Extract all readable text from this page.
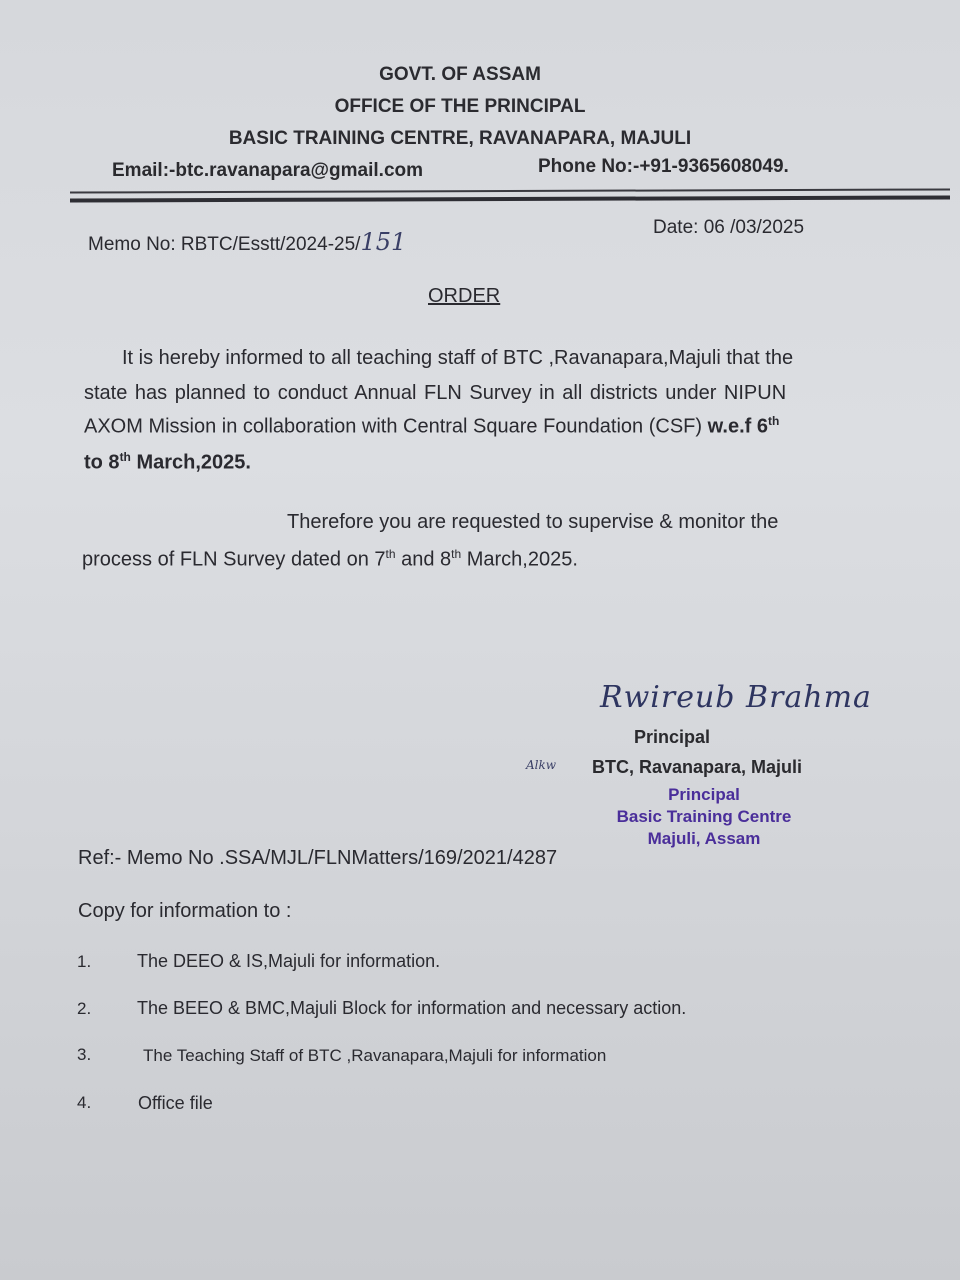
GOVT. OF ASSAM
OFFICE OF THE PRINCIPAL
BASIC TRAINING CENTRE, RAVANAPARA, MAJULI
Email:-btc.ravanapara@gmail.com	Phone No:-+91-9365608049.
Memo No: RBTC/Esstt/2024-25/151
Date: 06 /03/2025
ORDER
It is hereby informed to all teaching staff of BTC ,Ravanapara,Majuli that the
state has planned to conduct Annual FLN Survey in all districts under NIPUN
AXOM Mission in collaboration with Central Square Foundation (CSF) w.e.f 6th
to 8th March,2025.
Therefore you are requested to supervise & monitor the
process of FLN Survey dated on 7th and 8th March,2025.
Rwireub Brahma
Principal
Alkw BTC, Ravanapara, Majuli
Principal
Basic Training Centre
Majuli, Assam
Ref:- Memo No .SSA/MJL/FLNMatters/169/2021/4287
Copy for information to :
1.	The DEEO & IS,Majuli for information.
2.	The BEEO & BMC,Majuli Block for information and necessary action.
3.	The Teaching Staff of BTC ,Ravanapara,Majuli for information
4.	Office file
